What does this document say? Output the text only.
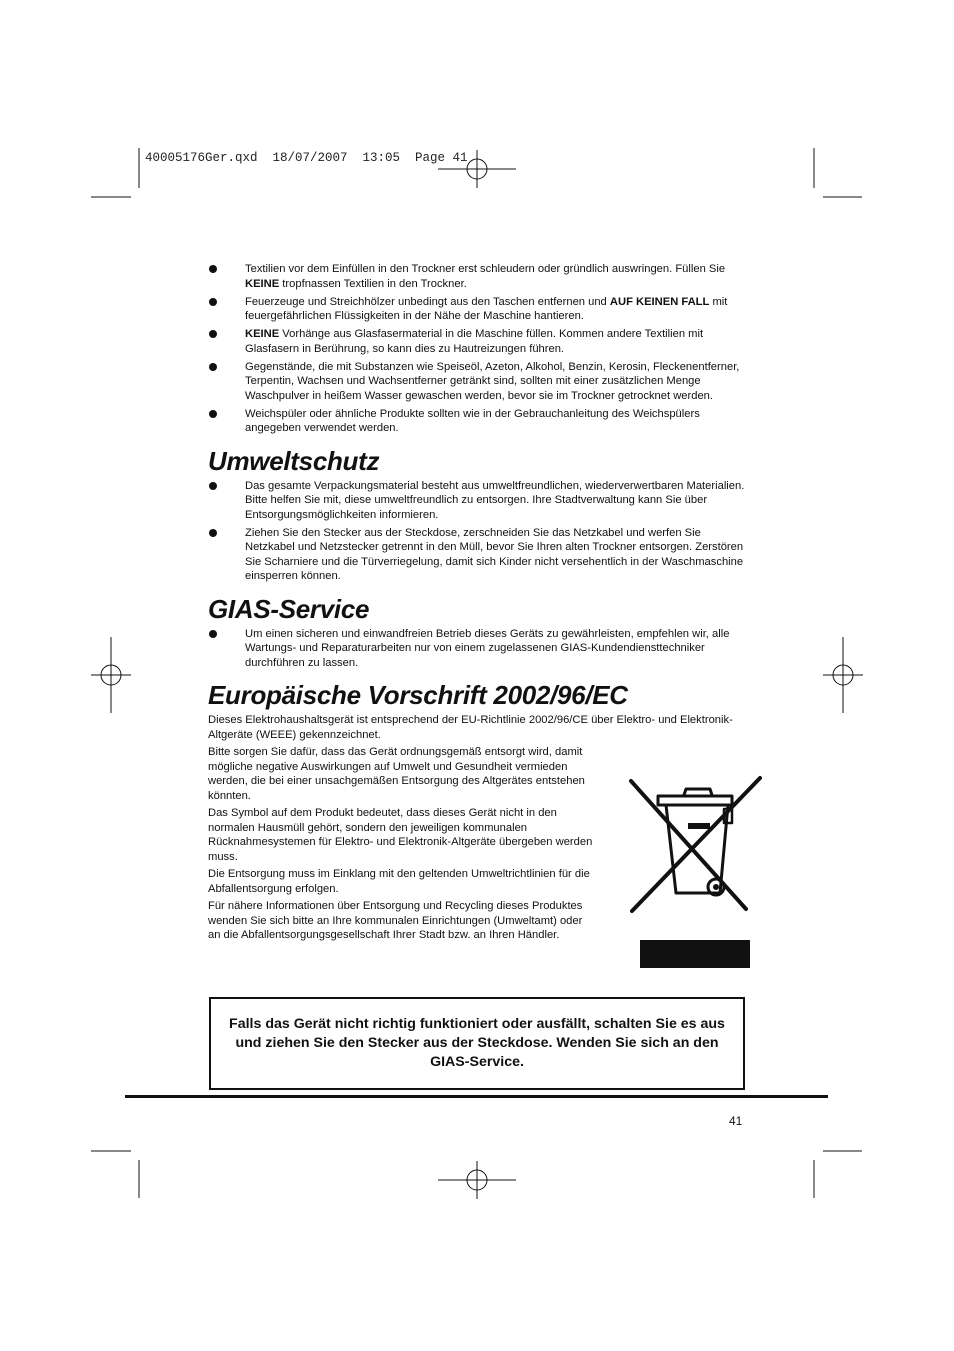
40005176Ger.qxd  18/07/2007  13:05  Page 41
Textilien vor dem Einfüllen in den Trockner erst schleudern oder gründlich auswringen. Füllen Sie KEINE tropfnassen Textilien in den Trockner.
Feuerzeuge und Streichhölzer unbedingt aus den Taschen entfernen und AUF KEINEN FALL mit feuergefährlichen Flüssigkeiten in der Nähe der Maschine hantieren.
KEINE Vorhänge aus Glasfasermaterial in die Maschine füllen. Kommen andere Textilien mit Glasfasern in Berührung, so kann dies zu Hautreizungen führen.
Gegenstände, die mit Substanzen wie Speiseöl, Azeton, Alkohol, Benzin, Kerosin, Fleckenentferner, Terpentin, Wachsen und Wachsentferner getränkt sind, sollten mit einer zusätzlichen Menge Waschpulver in heißem Wasser gewaschen werden, bevor sie im Trockner getrocknet werden.
Weichspüler oder ähnliche Produkte sollten wie in der Gebrauchanleitung des Weichspülers angegeben verwendet werden.
Umweltschutz
Das gesamte Verpackungsmaterial besteht aus umweltfreundlichen, wiederverwertbaren Materialien. Bitte helfen Sie mit, diese umweltfreundlich zu entsorgen. Ihre Stadtverwaltung kann Sie über Entsorgungsmöglichkeiten informieren.
Ziehen Sie den Stecker aus der Steckdose, zerschneiden Sie das Netzkabel und werfen Sie Netzkabel und Netzstecker getrennt in den Müll, bevor Sie Ihren alten Trockner entsorgen. Zerstören Sie Scharniere und die Türverriegelung, damit sich Kinder nicht versehentlich in der Waschmaschine einsperren können.
GIAS-Service
Um einen sicheren und einwandfreien Betrieb dieses Geräts zu gewährleisten, empfehlen wir, alle Wartungs- und Reparaturarbeiten nur von einem zugelassenen GIAS-Kundendiensttechniker durchführen zu lassen.
Europäische Vorschrift 2002/96/EC

Dieses Elektrohaushaltsgerät ist entsprechend der EU-Richtlinie 2002/96/CE über Elektro- und Elektronik-Altgeräte (WEEE) gekennzeichnet.

Bitte sorgen Sie dafür, dass das Gerät ordnungsgemäß entsorgt wird, damit mögliche negative Auswirkungen auf Umwelt und Gesundheit vermieden werden, die bei einer unsachgemäßen Entsorgung des Altgerätes entstehen könnten.

Das Symbol auf dem Produkt bedeutet, dass dieses Gerät nicht in den normalen Hausmüll gehört, sondern den jeweiligen kommunalen Rücknahmesystemen für Elektro- und Elektronik-Altgeräte übergeben werden muss.

Die Entsorgung muss im Einklang mit den geltenden Umweltrichtlinien für die Abfallentsorgung erfolgen.

Für nähere Informationen über Entsorgung und Recycling dieses Produktes wenden Sie sich bitte an Ihre kommunalen Einrichtungen (Umweltamt) oder an die Abfallentsorgungsgesellschaft Ihrer Stadt bzw. an Ihren Händler.

Falls das Gerät nicht richtig funktioniert oder ausfällt, schalten Sie es aus und ziehen Sie den Stecker aus der Steckdose. Wenden Sie sich an den GIAS-Service.
41
